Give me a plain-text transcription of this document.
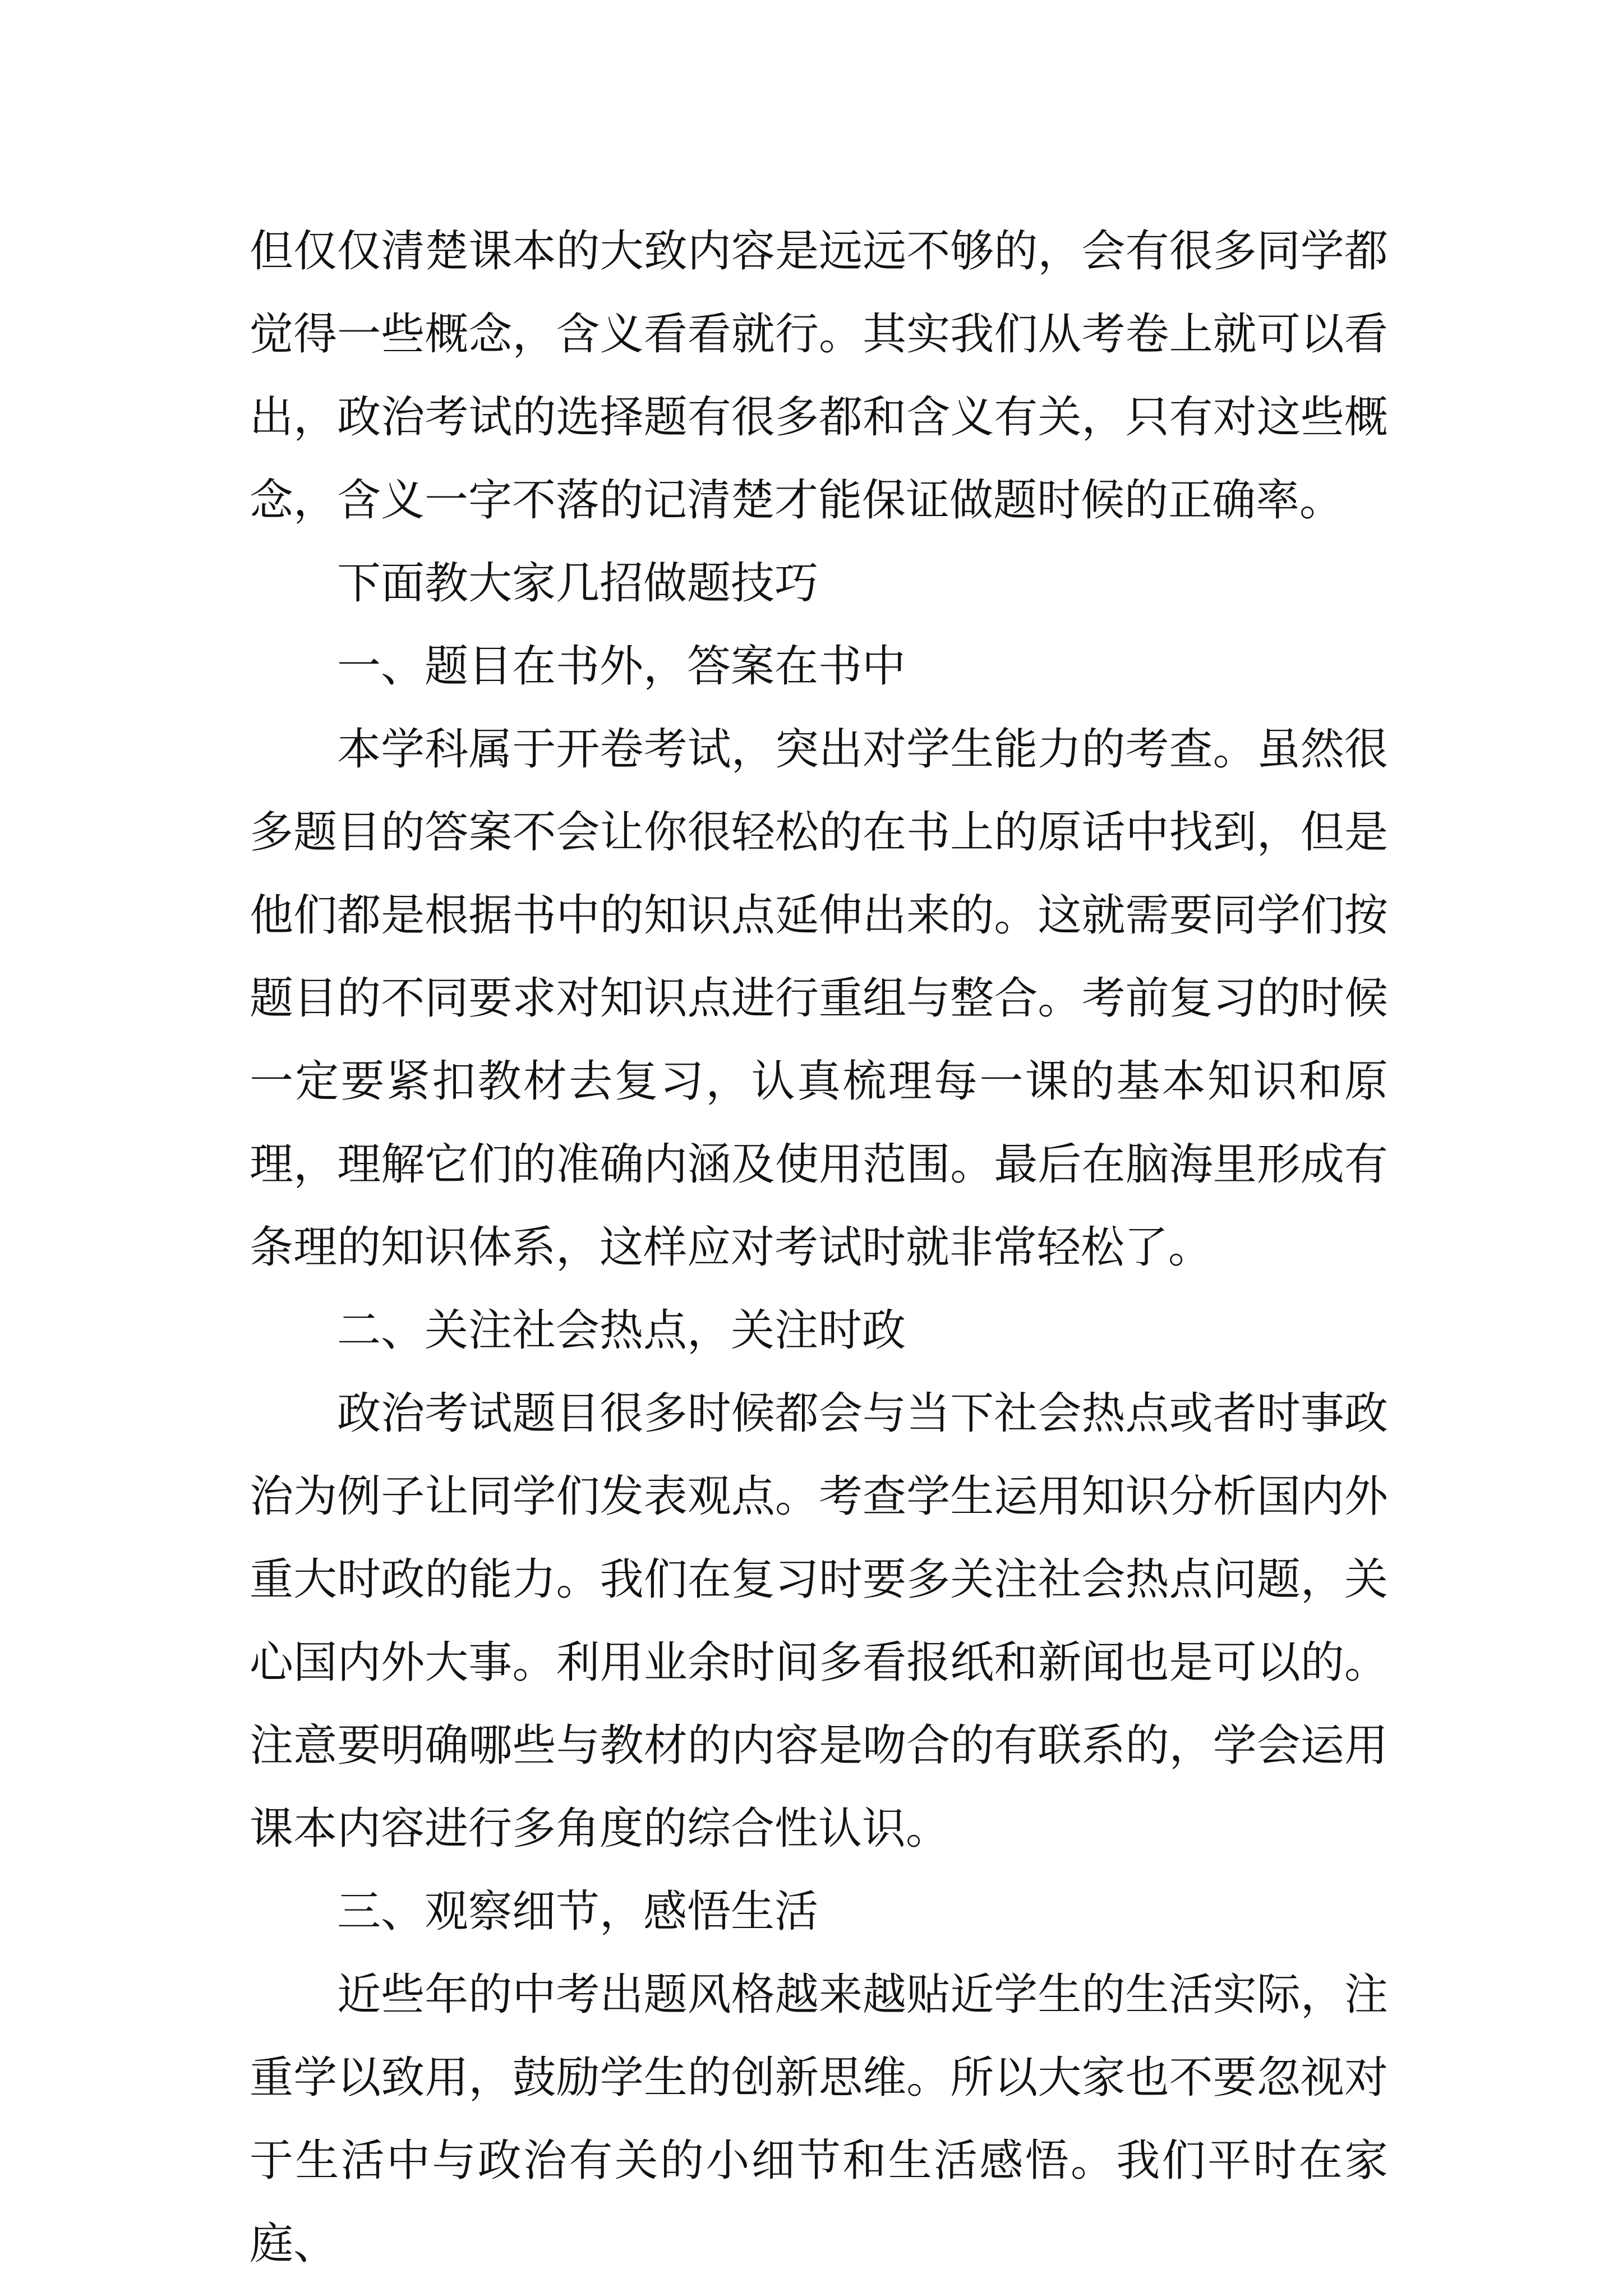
但仅仅清楚课本的大致内容是远远不够的，会有很多同学都觉得一些概念，含义看看就行。其实我们从考卷上就可以看出，政治考试的选择题有很多都和含义有关，只有对这些概念，含义一字不落的记清楚才能保证做题时候的正确率。

下面教大家几招做题技巧

一、题目在书外，答案在书中

本学科属于开卷考试，突出对学生能力的考查。虽然很多题目的答案不会让你很轻松的在书上的原话中找到，但是他们都是根据书中的知识点延伸出来的。这就需要同学们按题目的不同要求对知识点进行重组与整合。考前复习的时候一定要紧扣教材去复习，认真梳理每一课的基本知识和原理，理解它们的准确内涵及使用范围。最后在脑海里形成有条理的知识体系，这样应对考试时就非常轻松了。

二、关注社会热点，关注时政

政治考试题目很多时候都会与当下社会热点或者时事政治为例子让同学们发表观点。考查学生运用知识分析国内外重大时政的能力。我们在复习时要多关注社会热点问题，关心国内外大事。利用业余时间多看报纸和新闻也是可以的。注意要明确哪些与教材的内容是吻合的有联系的，学会运用课本内容进行多角度的综合性认识。

三、观察细节，感悟生活

近些年的中考出题风格越来越贴近学生的生活实际，注重学以致用，鼓励学生的创新思维。所以大家也不要忽视对于生活中与政治有关的小细节和生活感悟。我们平时在家庭、
